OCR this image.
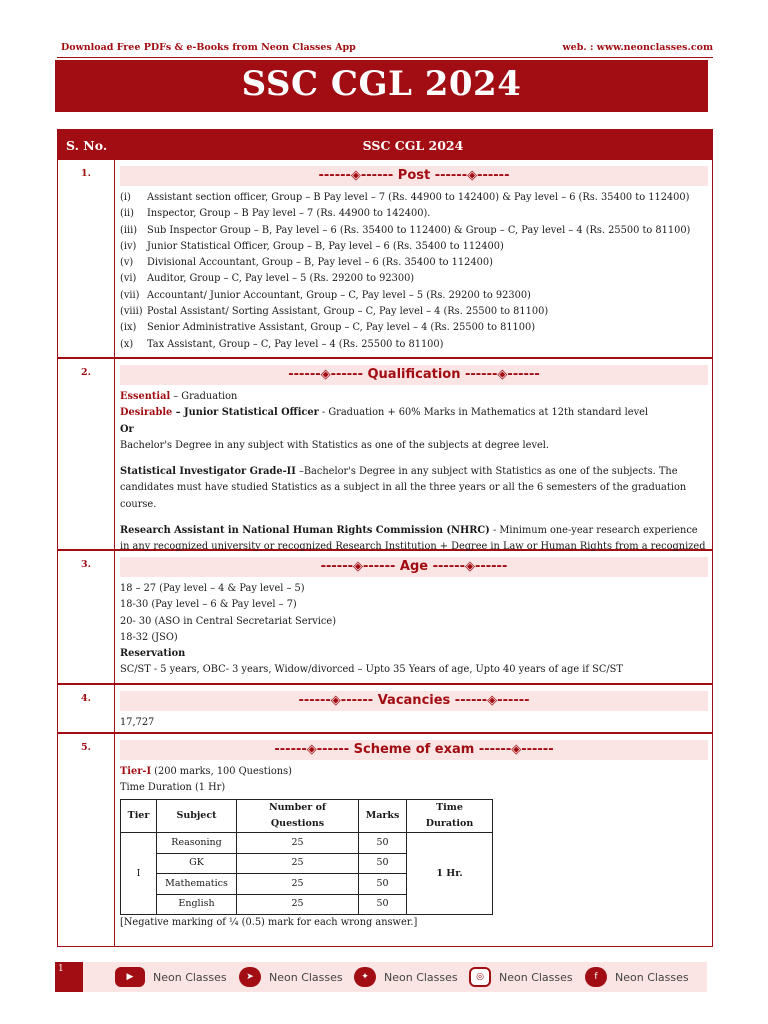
Download Free PDFs & e-Books from Neon Classes App	web. : www.neonclasses.com
SSC CGL 2024
S. No.	SSC CGL 2024
1.	------◈------ Post ------◈------
(i)	Assistant section officer, Group – B Pay level – 7 (Rs. 44900 to 142400) & Pay level – 6 (Rs. 35400 to 112400)
(ii)	Inspector, Group – B Pay level – 7 (Rs. 44900 to 142400).
(iii)	Sub Inspector Group – B, Pay level – 6 (Rs. 35400 to 112400) & Group – C, Pay level – 4 (Rs. 25500 to 81100)
(iv)	Junior Statistical Officer, Group – B, Pay level – 6 (Rs. 35400 to 112400)
(v)	Divisional Accountant, Group – B, Pay level – 6 (Rs. 35400 to 112400)
(vi)	Auditor, Group – C, Pay level – 5 (Rs. 29200 to 92300)
(vii) Accountant/ Junior Accountant, Group – C, Pay level – 5 (Rs. 29200 to 92300)
(viii) Postal Assistant/ Sorting Assistant, Group – C, Pay level – 4 (Rs. 25500 to 81100)
(ix)	Senior Administrative Assistant, Group – C, Pay level – 4 (Rs. 25500 to 81100)
(x)	Tax Assistant, Group – C, Pay level – 4 (Rs. 25500 to 81100)
2.	------◈------ Qualification ------◈------
Essential – Graduation
Desirable – Junior Statistical Officer - Graduation + 60% Marks in Mathematics at 12th standard level
Or
Bachelor's Degree in any subject with Statistics as one of the subjects at degree level.
Statistical Investigator Grade-II –Bachelor's Degree in any subject with Statistics as one of the subjects. The candidates must have studied Statistics as a subject in all the three years or all the 6 semesters of the graduation course.
Research Assistant in National Human Rights Commission (NHRC) - Minimum one-year research experience in any recognized university or recognized Research Institution + Degree in Law or Human Rights from a recognized
3.	------◈------ Age ------◈------
18 – 27 (Pay level – 4 & Pay level – 5)
18-30 (Pay level – 6 & Pay level – 7)
20- 30 (ASO in Central Secretariat Service)
18-32 (JSO)
Reservation
SC/ST - 5 years, OBC- 3 years, Widow/divorced – Upto 35 Years of age, Upto 40 years of age if SC/ST
4.	------◈------ Vacancies ------◈------
17,727
5.	------◈------ Scheme of exam ------◈------
Tier-I (200 marks, 100 Questions)
Time Duration (1 Hr)
Tier	Subject	Number of Questions	Marks	Time Duration
I	Reasoning	25	50	1 Hr.
	GK	25	50	
	Mathematics	25	50	
	English	25	50	
[Negative marking of ¼ (0.5) mark for each wrong answer.]
1
▶	Neon Classes	➤	Neon Classes	✦	Neon Classes	◎	Neon Classes	f	Neon Classes
